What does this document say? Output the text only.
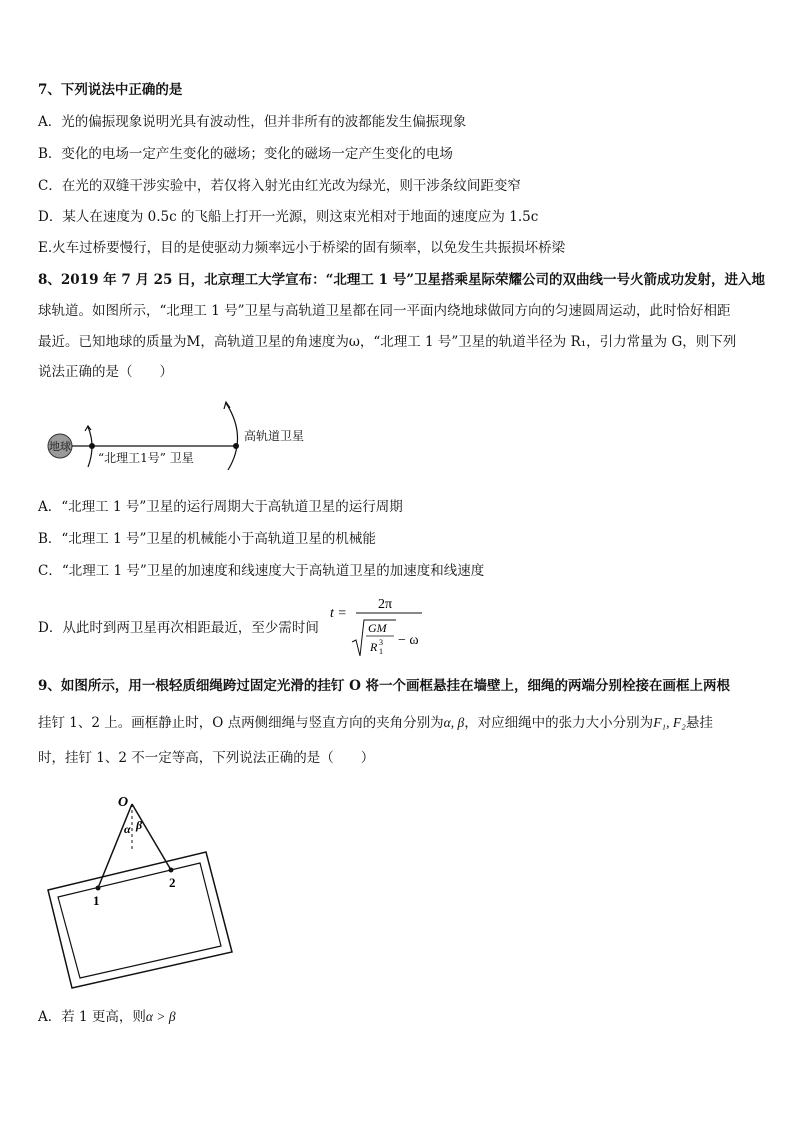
7、下列说法中正确的是
A．光的偏振现象说明光具有波动性，但并非所有的波都能发生偏振现象
B．变化的电场一定产生变化的磁场；变化的磁场一定产生变化的电场
C．在光的双缝干涉实验中，若仅将入射光由红光改为绿光，则干涉条纹间距变窄
D．某人在速度为 0.5c 的飞船上打开一光源，则这束光相对于地面的速度应为 1.5c
E.火车过桥要慢行，目的是使驱动力频率远小于桥梁的固有频率，以免发生共振损坏桥梁
8、2019 年 7 月 25 日，北京理工大学宣布：“北理工 1 号”卫星搭乘星际荣耀公司的双曲线一号火箭成功发射，进入地
球轨道。如图所示，“北理工 1 号”卫星与高轨道卫星都在同一平面内绕地球做同方向的匀速圆周运动，此时恰好相距
最近。已知地球的质量为M，高轨道卫星的角速度为ω，“北理工 1 号”卫星的轨道半径为 R₁，引力常量为 G，则下列
说法正确的是（　　）
地球
“北理工1号” 卫星
高轨道卫星
A．“北理工 1 号”卫星的运行周期大于高轨道卫星的运行周期
B．“北理工 1 号”卫星的机械能小于高轨道卫星的机械能
C．“北理工 1 号”卫星的加速度和线速度大于高轨道卫星的加速度和线速度
D．从此时到两卫星再次相距最近，至少需时间
t =
2π
GM
R 1
3 − ω
9、如图所示，用一根轻质细绳跨过固定光滑的挂钉 O 将一个画框悬挂在墙壁上，细绳的两端分别栓接在画框上两根
挂钉 1、2 上。画框静止时，O 点两侧细绳与竖直方向的夹角分别为α, β，对应细绳中的张力大小分别为F₁, F₂悬挂
时，挂钉 1、2 不一定等高，下列说法正确的是（　　）
O
α β
1
2
A．若 1 更高，则α > β
